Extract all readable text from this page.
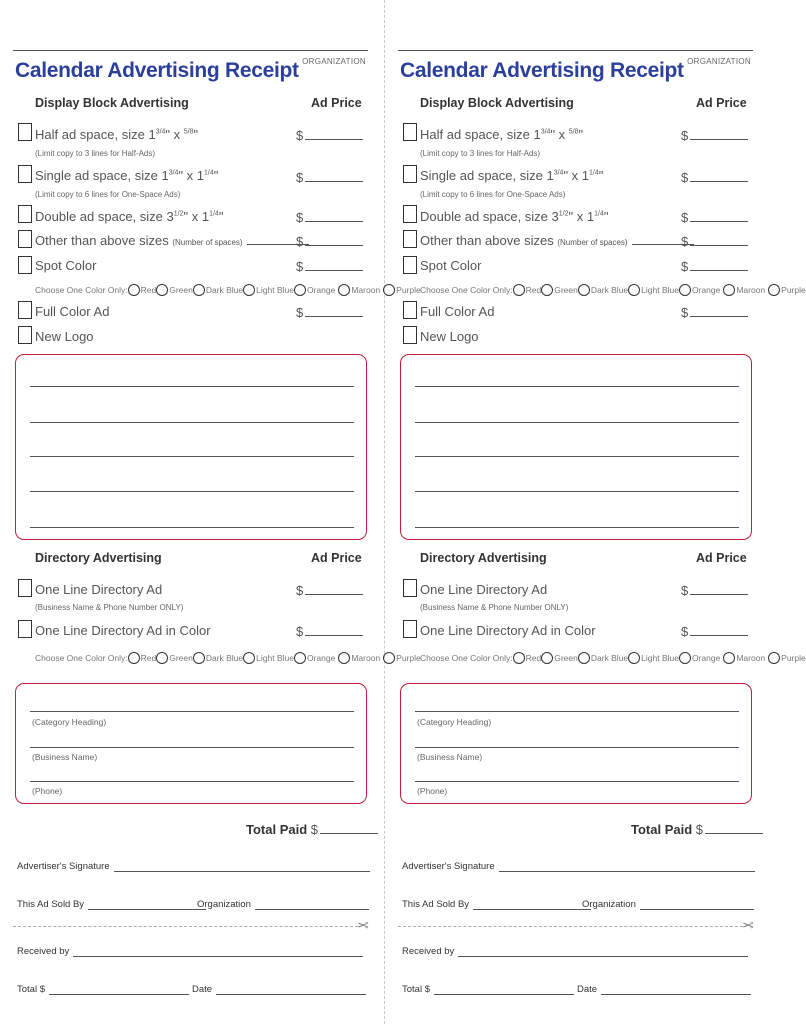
ORGANIZATION
Calendar Advertising Receipt
Display Block Advertising	Ad Price
Half ad space, size $1^{3/4}$" x $^{5/8}$"	$
(Limit copy to 3 lines for Half-Ads)
Single ad space, size $1^{3/4}$" x $1^{1/4}$"	$
(Limit copy to 6 lines for One-Space Ads)
Double ad space, size $3^{1/2}$" x $1^{1/4}$"	$
Other than above sizes (Number of spaces)	$
Spot Color	$
Choose One Color Only: Red Green Dark Blue Light Blue Orange Maroon Purple
Full Color Ad	$
New Logo
Directory Advertising	Ad Price
One Line Directory Ad	$
(Business Name & Phone Number ONLY)
One Line Directory Ad in Color	$
Choose One Color Only: Red Green Dark Blue Light Blue Orange Maroon Purple
(Category Heading)
(Business Name)
(Phone)
Total Paid $
Advertiser's Signature
This Ad Sold By	Organization
✂
Received by
Total $	Date
ORGANIZATION
Calendar Advertising Receipt
Display Block Advertising	Ad Price
Half ad space, size $1^{3/4}$" x $^{5/8}$"	$
(Limit copy to 3 lines for Half-Ads)
Single ad space, size $1^{3/4}$" x $1^{1/4}$"	$
(Limit copy to 6 lines for One-Space Ads)
Double ad space, size $3^{1/2}$" x $1^{1/4}$"	$
Other than above sizes (Number of spaces)	$
Spot Color	$
Choose One Color Only: Red Green Dark Blue Light Blue Orange Maroon Purple
Full Color Ad	$
New Logo
Directory Advertising	Ad Price
One Line Directory Ad	$
(Business Name & Phone Number ONLY)
One Line Directory Ad in Color	$
Choose One Color Only: Red Green Dark Blue Light Blue Orange Maroon Purple
(Category Heading)
(Business Name)
(Phone)
Total Paid $
Advertiser's Signature
This Ad Sold By	Organization
✂
Received by
Total $	Date
